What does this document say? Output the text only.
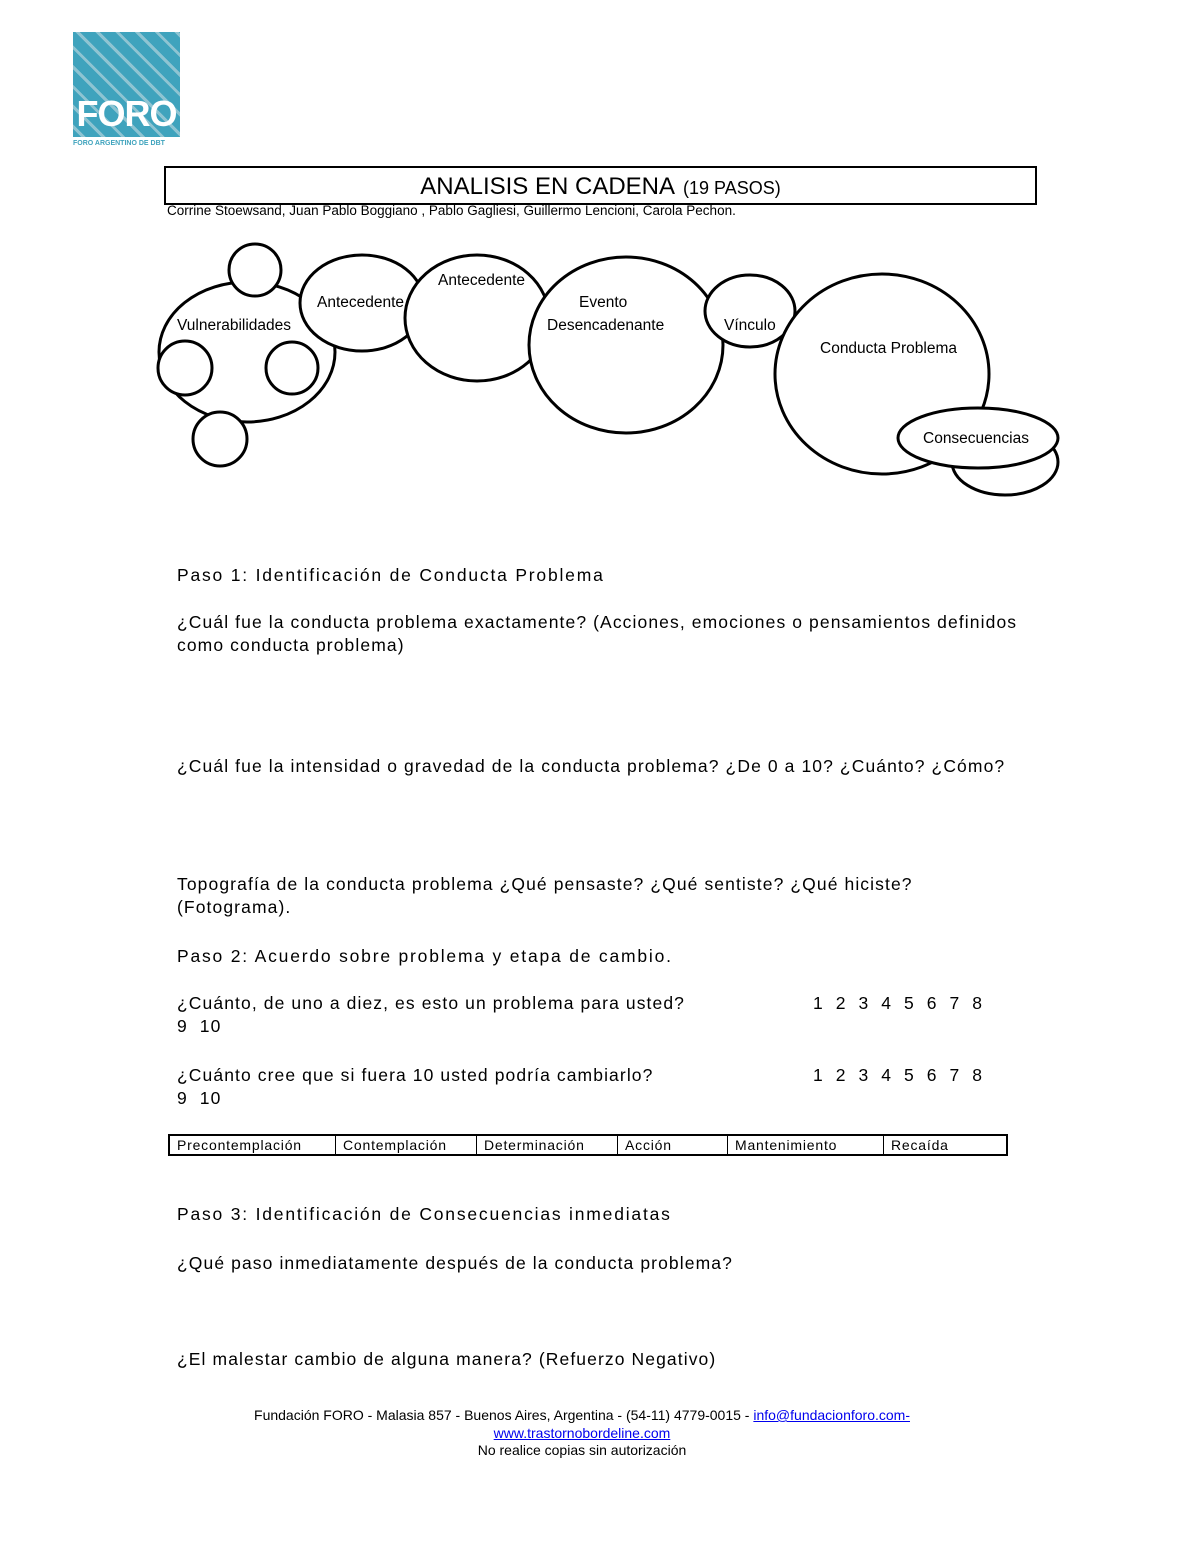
FORO
FORO ARGENTINO DE DBT
ANALISIS EN CADENA (19 PASOS)
Corrine Stoewsand, Juan Pablo Boggiano , Pablo Gagliesi, Guillermo Lencioni, Carola Pechon.
Vulnerabilidades
Antecedente
Antecedente
Evento
Desencadenante	Vínculo
Conducta Problema
Consecuencias
Paso 1: Identificación de Conducta Problema
¿Cuál fue la conducta problema exactamente? (Acciones, emociones o pensamientos definidos como conducta problema)
¿Cuál fue la intensidad o gravedad de la conducta problema? ¿De 0 a 10? ¿Cuánto? ¿Cómo?
Topografía de la conducta problema ¿Qué pensaste? ¿Qué sentiste? ¿Qué hiciste? (Fotograma).
Paso 2: Acuerdo sobre problema y etapa de cambio.
¿Cuánto, de uno a diez, es esto un problema para usted?	1  2  3  4  5  6  7  8
9  10
¿Cuánto cree que si fuera 10 usted podría cambiarlo?	1  2  3  4  5  6  7  8
9  10
Precontemplación	Contemplación	Determinación	Acción	Mantenimiento	Recaída
Paso 3: Identificación de Consecuencias inmediatas
¿Qué paso inmediatamente después de la conducta problema?
¿El malestar cambio de alguna manera? (Refuerzo Negativo)
Fundación FORO - Malasia 857 - Buenos Aires, Argentina - (54-11) 4779-0015 - info@fundacionforo.com-
www.trastornobordeline.com
No realice copias sin autorización
